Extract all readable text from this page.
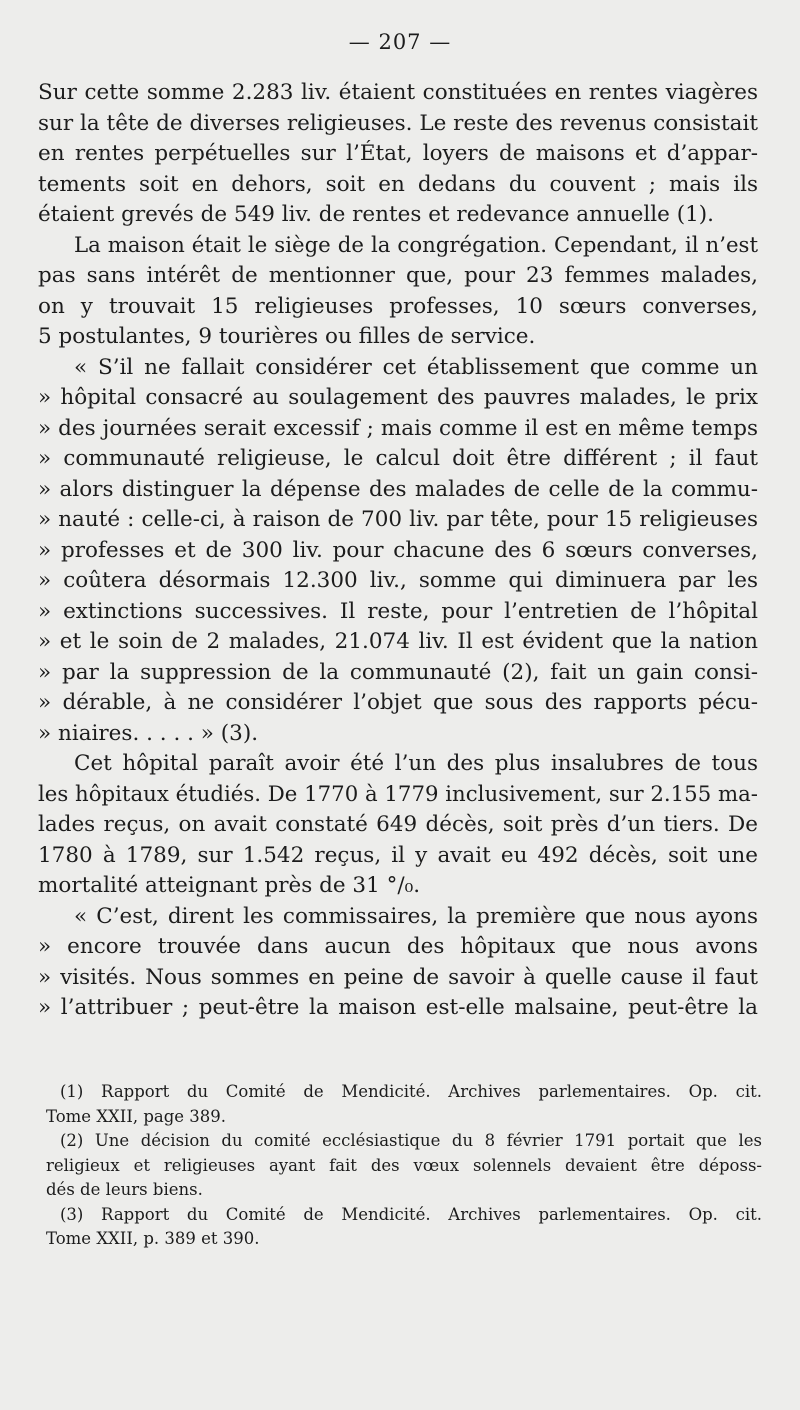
— 207 —
Sur cette somme 2.283 liv. étaient constituées en rentes viagères
sur la tête de diverses religieuses. Le reste des revenus consistait
en rentes perpétuelles sur l’État, loyers de maisons et d’appar-
tements soit en dehors, soit en dedans du couvent ; mais ils
étaient grevés de 549 liv. de rentes et redevance annuelle (1).
La maison était le siège de la congrégation. Cependant, il n’est
pas sans intérêt de mentionner que, pour 23 femmes malades,
on y trouvait 15 religieuses professes, 10 sœurs converses,
5 postulantes, 9 tourières ou filles de service.
« S’il ne fallait considérer cet établissement que comme un
» hôpital consacré au soulagement des pauvres malades, le prix
» des journées serait excessif ; mais comme il est en même temps
» communauté religieuse, le calcul doit être différent ; il faut
» alors distinguer la dépense des malades de celle de la commu-
» nauté : celle-ci, à raison de 700 liv. par tête, pour 15 religieuses
» professes et de 300 liv. pour chacune des 6 sœurs converses,
» coûtera désormais 12.300 liv., somme qui diminuera par les
» extinctions successives. Il reste, pour l’entretien de l’hôpital
» et le soin de 2 malades, 21.074 liv. Il est évident que la nation
» par la suppression de la communauté (2), fait un gain consi-
» dérable, à ne considérer l’objet que sous des rapports pécu-
» niaires. . . . . » (3).
Cet hôpital paraît avoir été l’un des plus insalubres de tous
les hôpitaux étudiés. De 1770 à 1779 inclusivement, sur 2.155 ma-
lades reçus, on avait constaté 649 décès, soit près d’un tiers. De
1780 à 1789, sur 1.542 reçus, il y avait eu 492 décès, soit une
mortalité atteignant près de 31 °/₀.
« C’est, dirent les commissaires, la première que nous ayons
» encore trouvée dans aucun des hôpitaux que nous avons
» visités. Nous sommes en peine de savoir à quelle cause il faut
» l’attribuer ; peut-être la maison est-elle malsaine, peut-être la
(1) Rapport du Comité de Mendicité. Archives parlementaires. Op. cit.
Tome XXII, page 389.
(2) Une décision du comité ecclésiastique du 8 février 1791 portait que les
religieux et religieuses ayant fait des vœux solennels devaient être déposs-
dés de leurs biens.
(3) Rapport du Comité de Mendicité. Archives parlementaires. Op. cit.
Tome XXII, p. 389 et 390.
